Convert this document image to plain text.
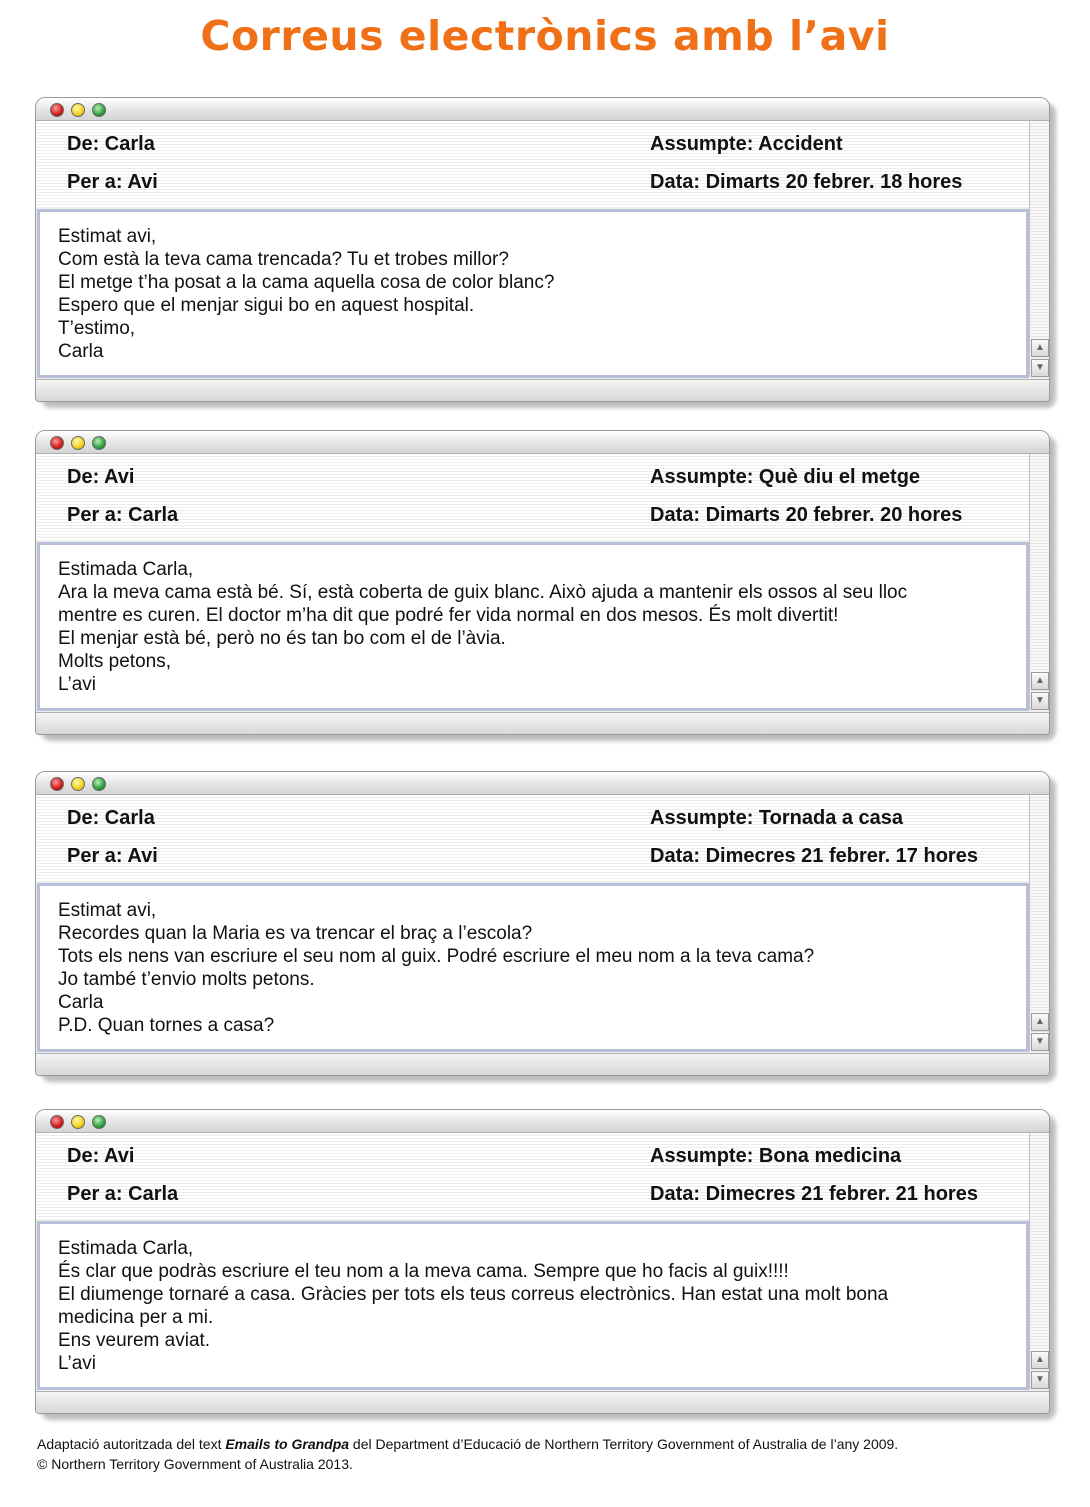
Correus electrònics amb l’avi
De: Carla
Per a: Avi
Assumpte: Accident
Data: Dimarts 20 febrer. 18 hores
Estimat avi,
Com està la teva cama trencada? Tu et trobes millor?
El metge t’ha posat a la cama aquella cosa de color blanc?
Espero que el menjar sigui bo en aquest hospital.
T’estimo,
Carla	▲
▼
De: Avi
Per a: Carla
Assumpte: Què diu el metge
Data: Dimarts 20 febrer. 20 hores
Estimada Carla,
Ara la meva cama està bé. Sí, està coberta de guix blanc. Això ajuda a mantenir els ossos al seu lloc
mentre es curen. El doctor m’ha dit que podré fer vida normal en dos mesos. És molt divertit!
El menjar està bé, però no és tan bo com el de l’àvia.
Molts petons,
L’avi	▲
▼
De: Carla
Per a: Avi
Assumpte: Tornada a casa
Data: Dimecres 21 febrer. 17 hores
Estimat avi,
Recordes quan la Maria es va trencar el braç a l’escola?
Tots els nens van escriure el seu nom al guix. Podré escriure el meu nom a la teva cama?
Jo també t’envio molts petons.
Carla
P.D. Quan tornes a casa?	▲
▼
De: Avi
Per a: Carla
Assumpte: Bona medicina
Data: Dimecres 21 febrer. 21 hores
Estimada Carla,
És clar que podràs escriure el teu nom a la meva cama. Sempre que ho facis al guix!!!!
El diumenge tornaré a casa. Gràcies per tots els teus correus electrònics. Han estat una molt bona
medicina per a mi.
Ens veurem aviat.
L’avi	▲
▼
Adaptació autoritzada del text Emails to Grandpa del Department d’Educació de Northern Territory Government of Australia de l’any 2009.
© Northern Territory Government of Australia 2013.
